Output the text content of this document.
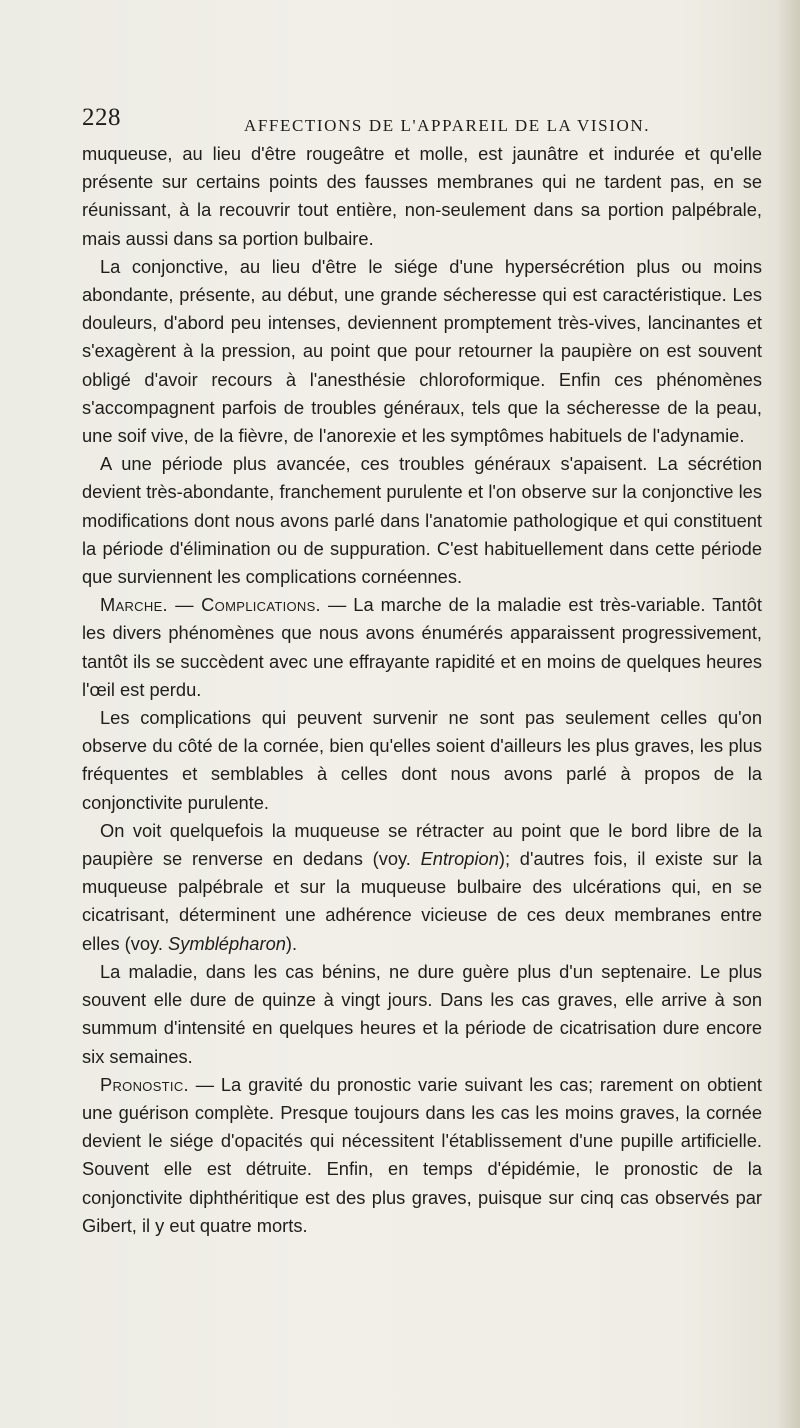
228	AFFECTIONS DE L'APPAREIL DE LA VISION.

muqueuse, au lieu d'être rougeâtre et molle, est jaunâtre et indurée et qu'elle présente sur certains points des fausses membranes qui ne tardent pas, en se réunissant, à la recouvrir tout entière, non-seulement dans sa portion palpébrale, mais aussi dans sa portion bulbaire.

La conjonctive, au lieu d'être le siége d'une hypersécrétion plus ou moins abondante, présente, au début, une grande sécheresse qui est caractéristique. Les douleurs, d'abord peu intenses, deviennent promptement très-vives, lancinantes et s'exagèrent à la pression, au point que pour retourner la paupière on est souvent obligé d'avoir recours à l'anesthésie chloroformique. Enfin ces phénomènes s'accompagnent parfois de troubles généraux, tels que la sécheresse de la peau, une soif vive, de la fièvre, de l'anorexie et les symptômes habituels de l'adynamie.

A une période plus avancée, ces troubles généraux s'apaisent. La sécrétion devient très-abondante, franchement purulente et l'on observe sur la conjonctive les modifications dont nous avons parlé dans l'anatomie pathologique et qui constituent la période d'élimination ou de suppuration. C'est habituellement dans cette période que surviennent les complications cornéennes.

Marche. — Complications. — La marche de la maladie est très-variable. Tantôt les divers phénomènes que nous avons énumérés apparaissent progressivement, tantôt ils se succèdent avec une effrayante rapidité et en moins de quelques heures l'œil est perdu.

Les complications qui peuvent survenir ne sont pas seulement celles qu'on observe du côté de la cornée, bien qu'elles soient d'ailleurs les plus graves, les plus fréquentes et semblables à celles dont nous avons parlé à propos de la conjonctivite purulente.

On voit quelquefois la muqueuse se rétracter au point que le bord libre de la paupière se renverse en dedans (voy. Entropion); d'autres fois, il existe sur la muqueuse palpébrale et sur la muqueuse bulbaire des ulcérations qui, en se cicatrisant, déterminent une adhérence vicieuse de ces deux membranes entre elles (voy. Symblépharon).

La maladie, dans les cas bénins, ne dure guère plus d'un septenaire. Le plus souvent elle dure de quinze à vingt jours. Dans les cas graves, elle arrive à son summum d'intensité en quelques heures et la période de cicatrisation dure encore six semaines.

Pronostic. — La gravité du pronostic varie suivant les cas; rarement on obtient une guérison complète. Presque toujours dans les cas les moins graves, la cornée devient le siége d'opacités qui nécessitent l'établissement d'une pupille artificielle. Souvent elle est détruite. Enfin, en temps d'épidémie, le pronostic de la conjonctivite diphthéritique est des plus graves, puisque sur cinq cas observés par Gibert, il y eut quatre morts.
